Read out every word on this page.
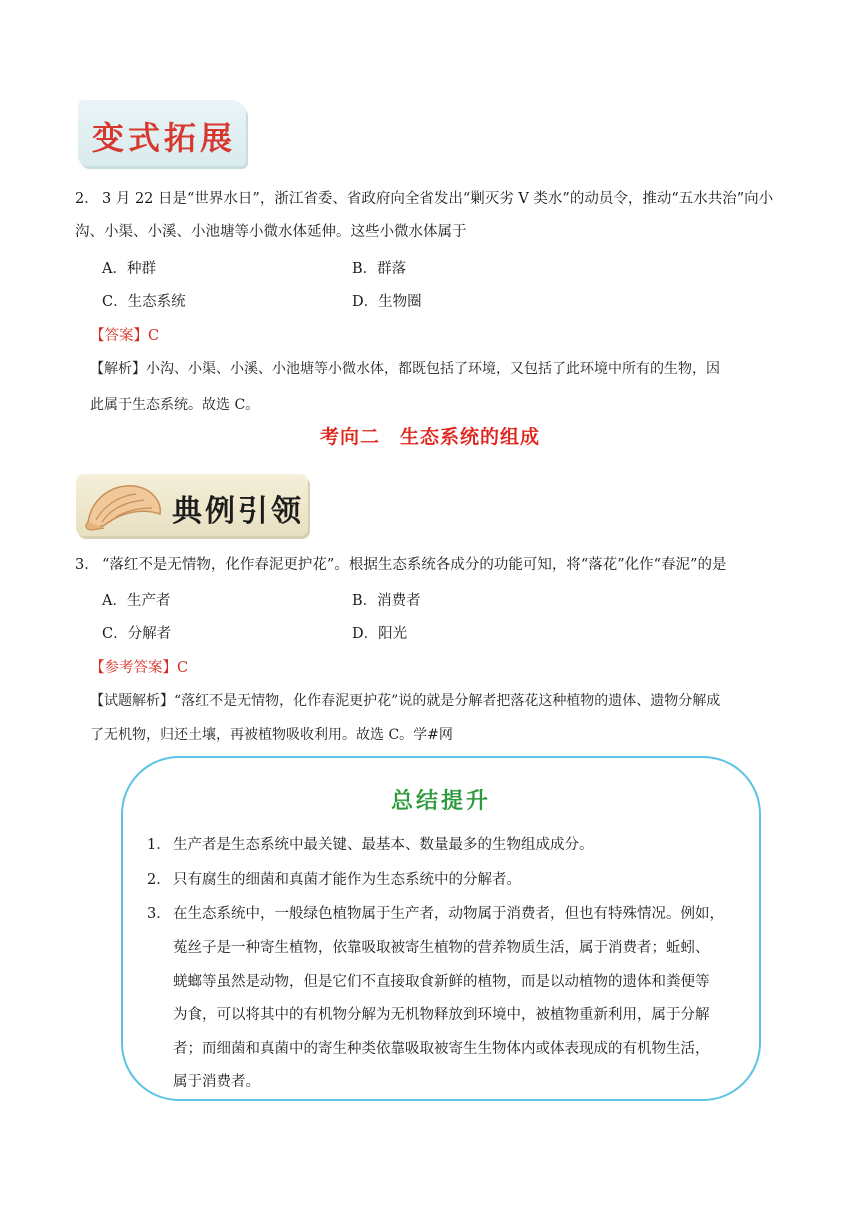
变式拓展
2． 3 月 22 日是“世界水日”，浙江省委、省政府向全省发出“剿灭劣 V 类水”的动员令，推动“五水共治”向小
沟、小渠、小溪、小池塘等小微水体延伸。这些小微水体属于
A．种群	B．群落
C．生态系统	D．生物圈
【答案】C
【解析】小沟、小渠、小溪、小池塘等小微水体，都既包括了环境，又包括了此环境中所有的生物，因
此属于生态系统。故选 C。
考向二　生态系统的组成
典例引领
3． “落红不是无情物，化作春泥更护花”。根据生态系统各成分的功能可知，将“落花”化作“春泥”的是
A．生产者	B．消费者
C．分解者	D．阳光
【参考答案】C
【试题解析】“落红不是无情物，化作春泥更护花”说的就是分解者把落花这种植物的遗体、遗物分解成
了无机物，归还土壤，再被植物吸收利用。故选 C。学#网
总结提升
1． 生产者是生态系统中最关键、最基本、数量最多的生物组成成分。
2． 只有腐生的细菌和真菌才能作为生态系统中的分解者。
3． 在生态系统中，一般绿色植物属于生产者，动物属于消费者，但也有特殊情况。例如，
菟丝子是一种寄生植物，依靠吸取被寄生植物的营养物质生活，属于消费者；蚯蚓、
蜣螂等虽然是动物，但是它们不直接取食新鲜的植物，而是以动植物的遗体和粪便等
为食，可以将其中的有机物分解为无机物释放到环境中，被植物重新利用，属于分解
者；而细菌和真菌中的寄生种类依靠吸取被寄生生物体内或体表现成的有机物生活，
属于消费者。
